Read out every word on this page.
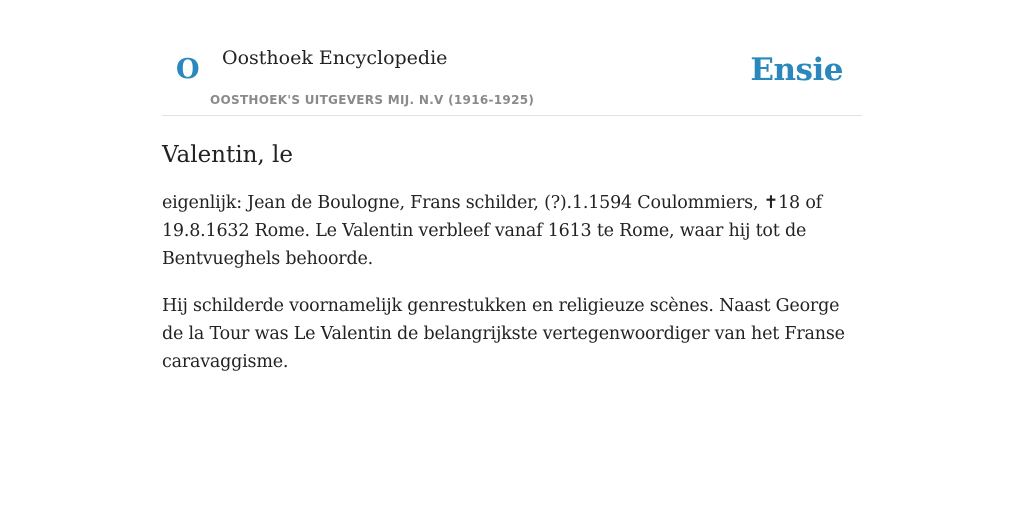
O Oosthoek Encyclopedie
OOSTHOEK'S UITGEVERS MIJ. N.V (1916-1925)
Ensie
Valentin, le

eigenlijk: Jean de Boulogne, Frans schilder, (?).1.1594 Coulommiers, ✝18 of 19.8.1632 Rome. Le Valentin verbleef vanaf 1613 te Rome, waar hij tot de Bentvueghels behoorde.

Hij schilderde voornamelijk genrestukken en religieuze scènes. Naast George de la Tour was Le Valentin de belangrijkste vertegenwoordiger van het Franse caravaggisme.
